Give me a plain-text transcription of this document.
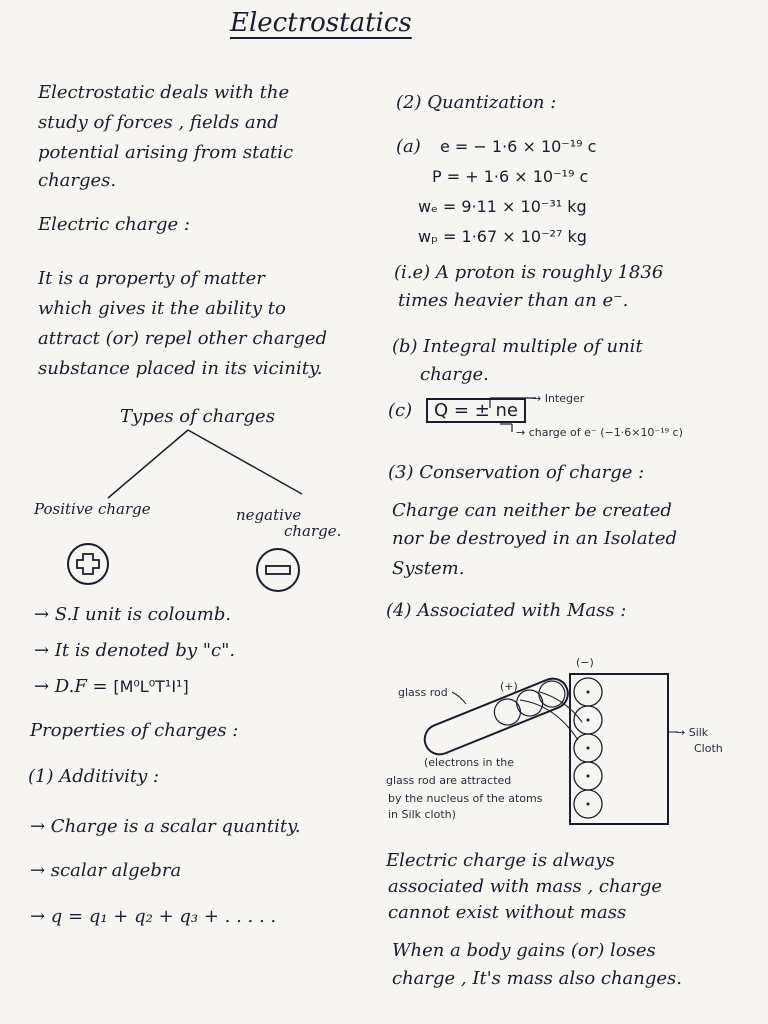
Electrostatics
Electrostatic deals with the
study of forces , fields and
potential arising from static
charges.
Electric charge :
It is a property of matter
which gives it the ability to
attract (or) repel other charged
substance placed in its vicinity.
Types of charges
Positive charge	negative
charge.
→ S.I unit is coloumb.
→ It is denoted by "c".
→ D.F = [M⁰L⁰T¹I¹]
Properties of charges :
(1) Additivity :
→ Charge is a scalar quantity.
→ scalar algebra
→ q = q₁ + q₂ + q₃ + . . . . .
(2) Quantization :
(a) e = − 1·6 × 10⁻¹⁹ c
P = + 1·6 × 10⁻¹⁹ c
wₑ = 9·11 × 10⁻³¹ kg
wₚ = 1·67 × 10⁻²⁷ kg
(i.e) A proton is roughly 1836
times heavier than an e⁻.
(b) Integral multiple of unit
charge.
(c)	Q = ± ne
→ Integer
→ charge of e⁻ (−1·6×10⁻¹⁹ c)
(3) Conservation of charge :
Charge can neither be created
nor be destroyed in an Isolated
System.
(4) Associated with Mass :
(−)
(+)
glass rod
→ Silk
Cloth
(electrons in the
glass rod are attracted
by the nucleus of the atoms
in Silk cloth)
Electric charge is always
associated with mass , charge
cannot exist without mass
When a body gains (or) loses
charge , It's mass also changes.
